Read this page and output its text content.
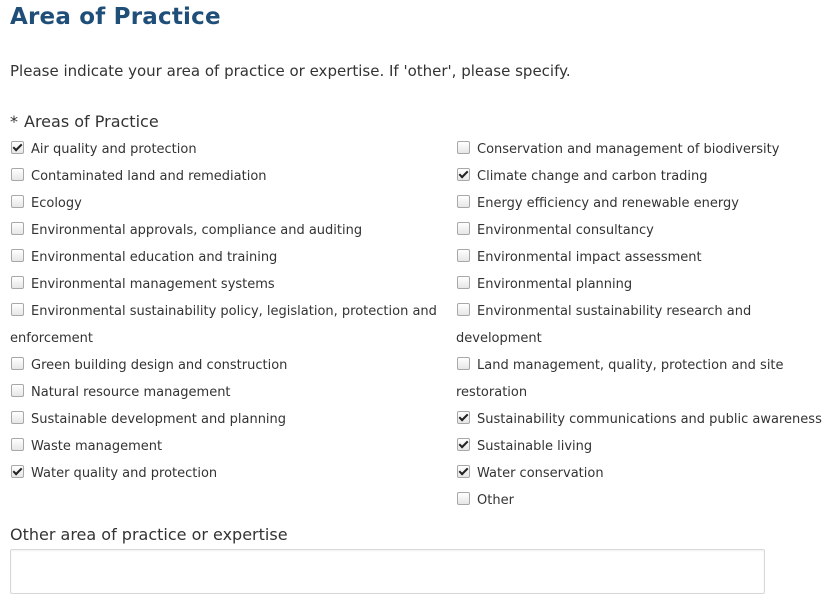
Area of Practice

Please indicate your area of practice or expertise. If 'other', please specify.

* Areas of Practice

Air quality and protection
Contaminated land and remediation
Ecology
Environmental approvals, compliance and auditing
Environmental education and training
Environmental management systems
Environmental sustainability policy, legislation, protection and enforcement
Green building design and construction
Natural resource management
Sustainable development and planning
Waste management
Water quality and protection
Conservation and management of biodiversity
Climate change and carbon trading
Energy efficiency and renewable energy
Environmental consultancy
Environmental impact assessment
Environmental planning
Environmental sustainability research and development
Land management, quality, protection and site restoration
Sustainability communications and public awareness
Sustainable living
Water conservation
Other

Other area of practice or expertise
